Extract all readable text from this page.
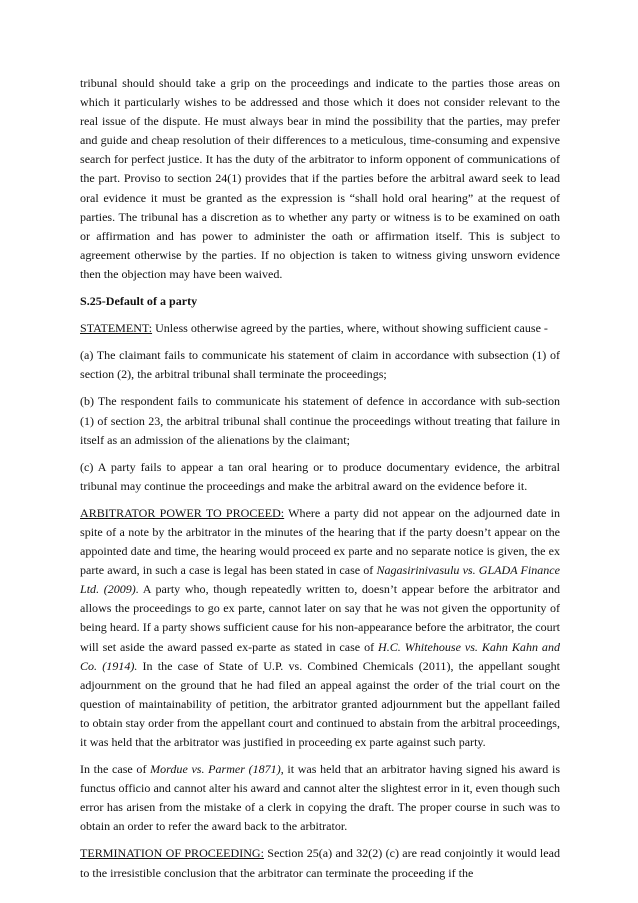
tribunal should should take a grip on the proceedings and indicate to the parties those areas on which it particularly wishes to be addressed and those which it does not consider relevant to the real issue of the dispute. He must always bear in mind the possibility that the parties, may prefer and guide and cheap resolution of their differences to a meticulous, time-consuming and expensive search for perfect justice. It has the duty of the arbitrator to inform opponent of communications of the part. Proviso to section 24(1) provides that if the parties before the arbitral award seek to lead oral evidence it must be granted as the expression is “shall hold oral hearing” at the request of parties. The tribunal has a discretion as to whether any party or witness is to be examined on oath or affirmation and has power to administer the oath or affirmation itself. This is subject to agreement otherwise by the parties. If no objection is taken to witness giving unsworn evidence then the objection may have been waived.

S.25-Default of a party

STATEMENT: Unless otherwise agreed by the parties, where, without showing sufficient cause -

(a) The claimant fails to communicate his statement of claim in accordance with subsection (1) of section (2), the arbitral tribunal shall terminate the proceedings;

(b) The respondent fails to communicate his statement of defence in accordance with sub-section (1) of section 23, the arbitral tribunal shall continue the proceedings without treating that failure in itself as an admission of the alienations by the claimant;

(c) A party fails to appear a tan oral hearing or to produce documentary evidence, the arbitral tribunal may continue the proceedings and make the arbitral award on the evidence before it.

ARBITRATOR POWER TO PROCEED: Where a party did not appear on the adjourned date in spite of a note by the arbitrator in the minutes of the hearing that if the party doesn’t appear on the appointed date and time, the hearing would proceed ex parte and no separate notice is given, the ex parte award, in such a case is legal has been stated in case of Nagasirinivasulu vs. GLADA Finance Ltd. (2009). A party who, though repeatedly written to, doesn’t appear before the arbitrator and allows the proceedings to go ex parte, cannot later on say that he was not given the opportunity of being heard. If a party shows sufficient cause for his non-appearance before the arbitrator, the court will set aside the award passed ex-parte as stated in case of H.C. Whitehouse vs. Kahn Kahn and Co. (1914). In the case of State of U.P. vs. Combined Chemicals (2011), the appellant sought adjournment on the ground that he had filed an appeal against the order of the trial court on the question of maintainability of petition, the arbitrator granted adjournment but the appellant failed to obtain stay order from the appellant court and continued to abstain from the arbitral proceedings, it was held that the arbitrator was justified in proceeding ex parte against such party.

In the case of Mordue vs. Parmer (1871), it was held that an arbitrator having signed his award is functus officio and cannot alter his award and cannot alter the slightest error in it, even though such error has arisen from the mistake of a clerk in copying the draft. The proper course in such was to obtain an order to refer the award back to the arbitrator.

TERMINATION OF PROCEEDING: Section 25(a) and 32(2) (c) are read conjointly it would lead to the irresistible conclusion that the arbitrator can terminate the proceeding if the
